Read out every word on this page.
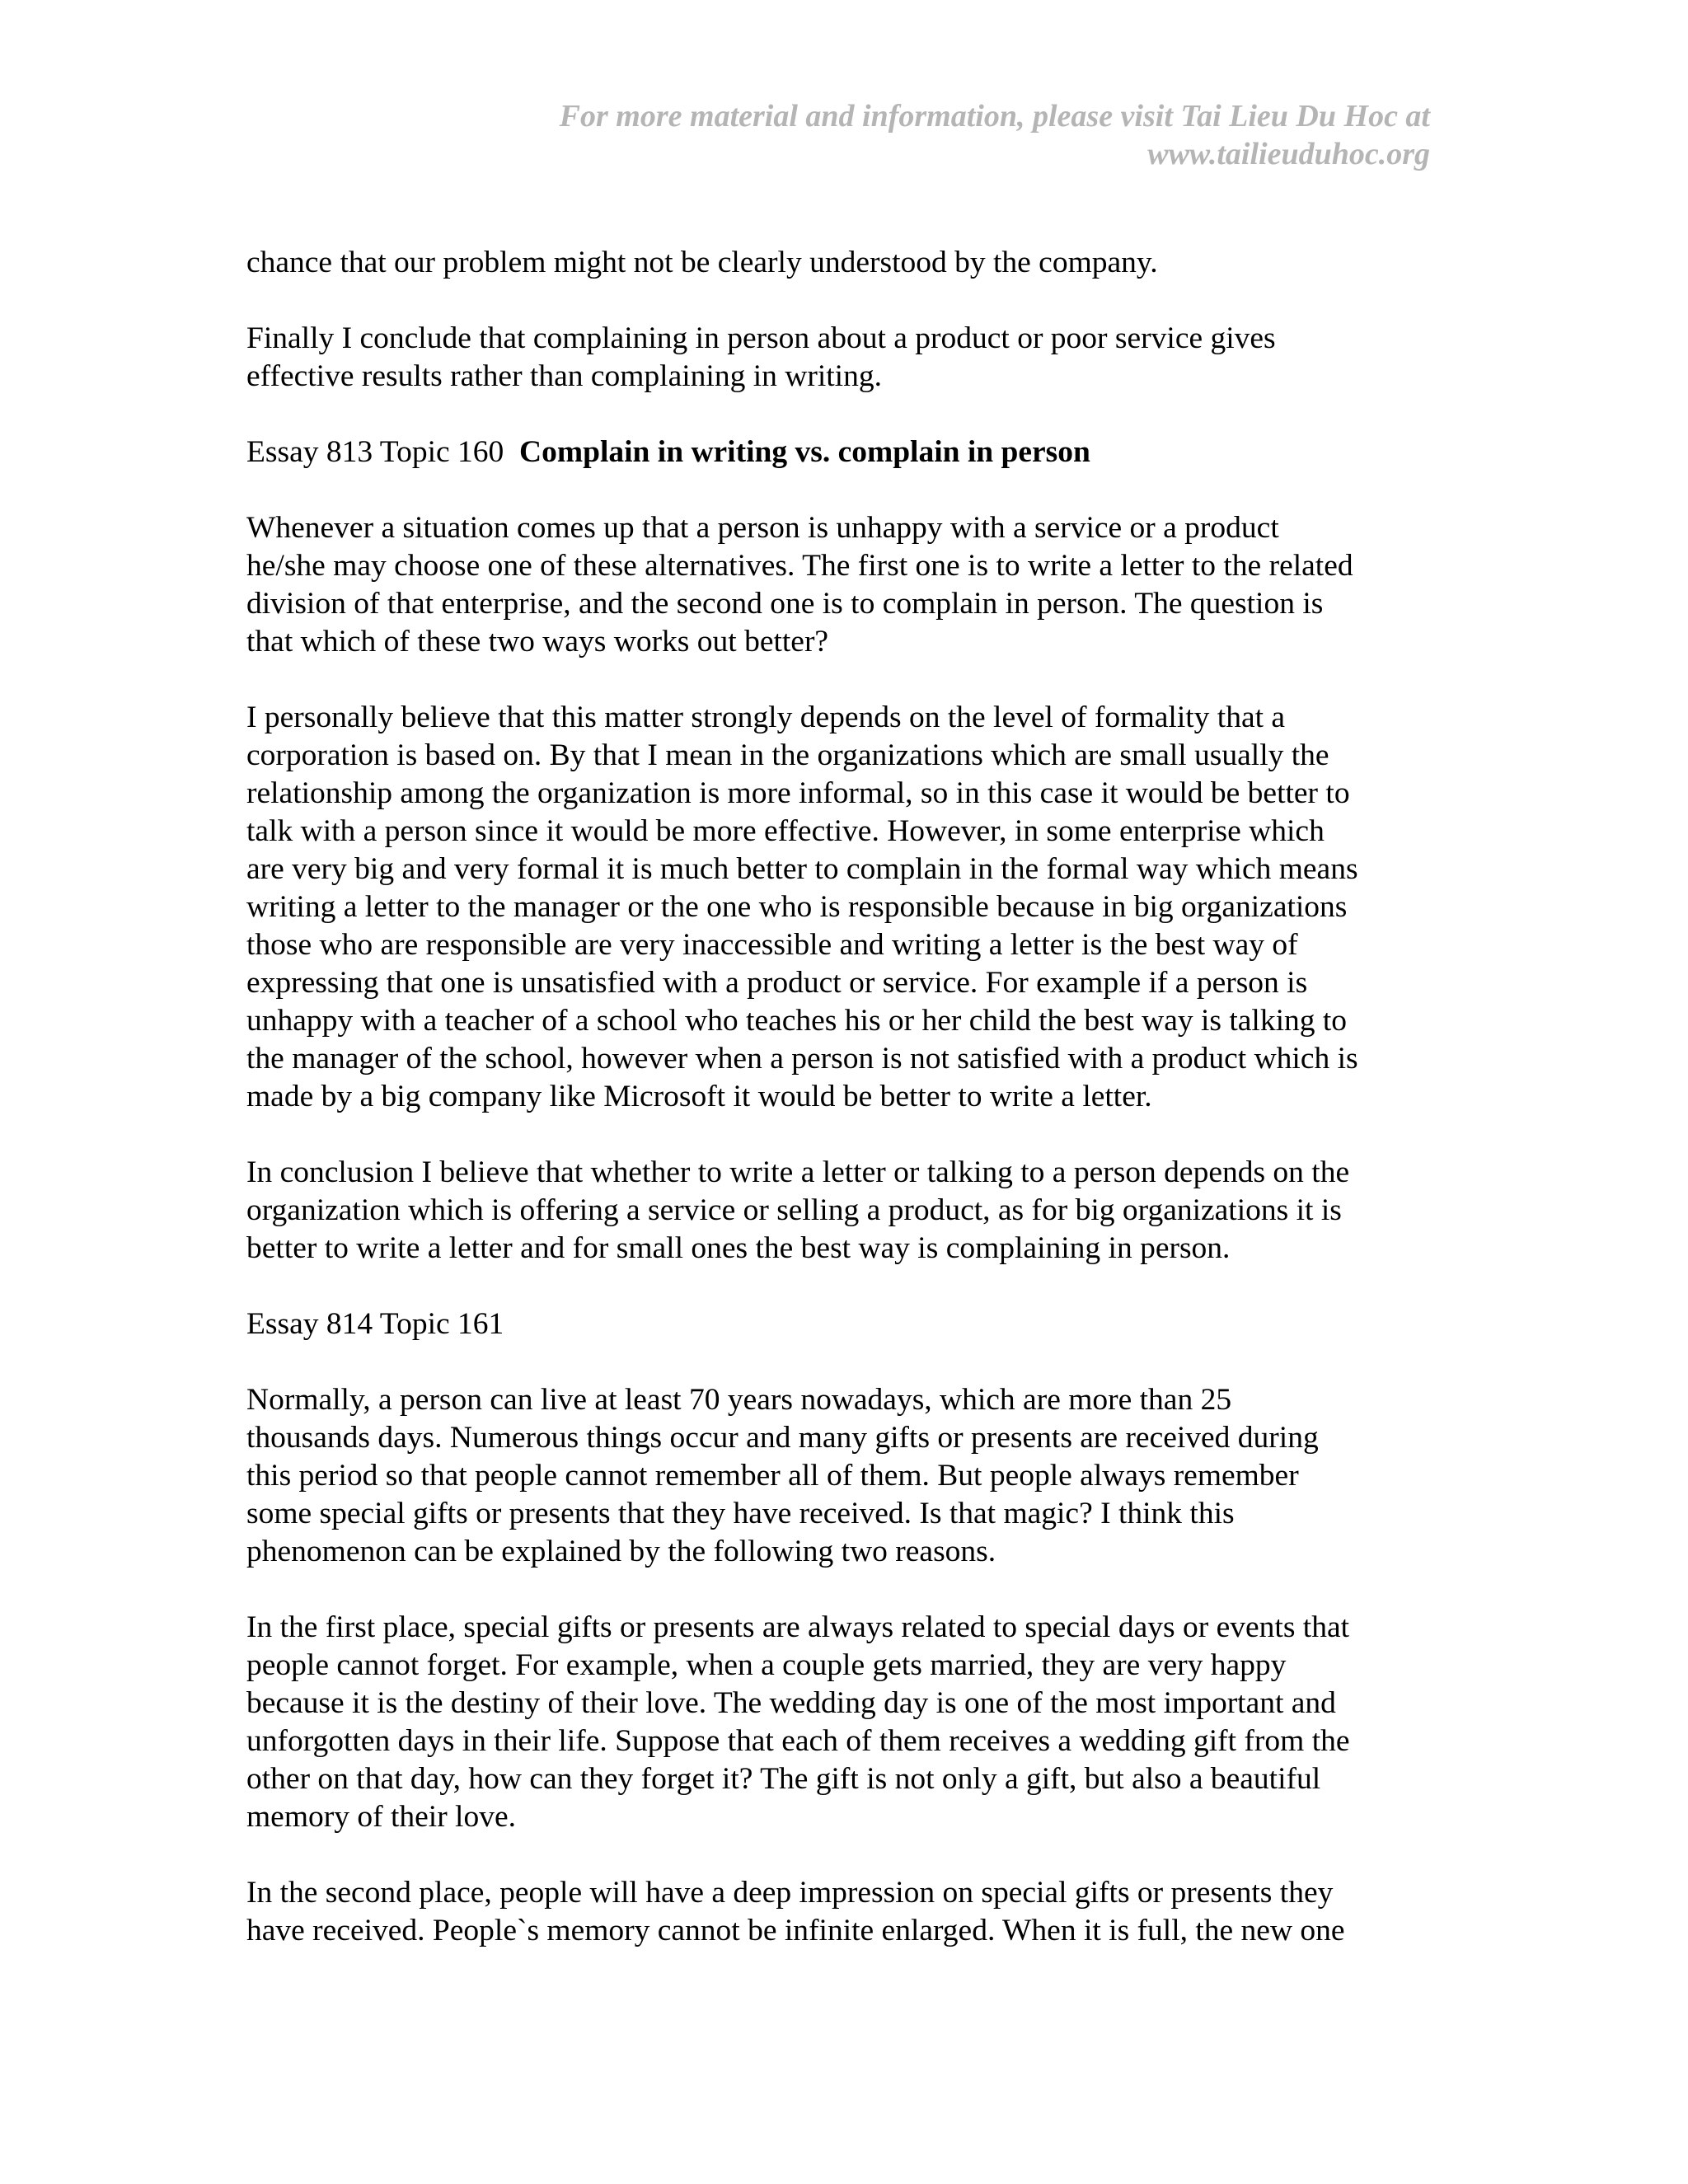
For more material and information, please visit Tai Lieu Du Hoc at
www.tailieuduhoc.org
chance that our problem might not be clearly understood by the company.
Finally I conclude that complaining in person about a product or poor service gives
effective results rather than complaining in writing.
Essay 813 Topic 160 Complain in writing vs. complain in person
Whenever a situation comes up that a person is unhappy with a service or a product
he/she may choose one of these alternatives. The first one is to write a letter to the related
division of that enterprise, and the second one is to complain in person. The question is
that which of these two ways works out better?
I personally believe that this matter strongly depends on the level of formality that a
corporation is based on. By that I mean in the organizations which are small usually the
relationship among the organization is more informal, so in this case it would be better to
talk with a person since it would be more effective. However, in some enterprise which
are very big and very formal it is much better to complain in the formal way which means
writing a letter to the manager or the one who is responsible because in big organizations
those who are responsible are very inaccessible and writing a letter is the best way of
expressing that one is unsatisfied with a product or service. For example if a person is
unhappy with a teacher of a school who teaches his or her child the best way is talking to
the manager of the school, however when a person is not satisfied with a product which is
made by a big company like Microsoft it would be better to write a letter.
In conclusion I believe that whether to write a letter or talking to a person depends on the
organization which is offering a service or selling a product, as for big organizations it is
better to write a letter and for small ones the best way is complaining in person.
Essay 814 Topic 161
Normally, a person can live at least 70 years nowadays, which are more than 25
thousands days. Numerous things occur and many gifts or presents are received during
this period so that people cannot remember all of them. But people always remember
some special gifts or presents that they have received. Is that magic? I think this
phenomenon can be explained by the following two reasons.
In the first place, special gifts or presents are always related to special days or events that
people cannot forget. For example, when a couple gets married, they are very happy
because it is the destiny of their love. The wedding day is one of the most important and
unforgotten days in their life. Suppose that each of them receives a wedding gift from the
other on that day, how can they forget it? The gift is not only a gift, but also a beautiful
memory of their love.
In the second place, people will have a deep impression on special gifts or presents they
have received. People`s memory cannot be infinite enlarged. When it is full, the new one
